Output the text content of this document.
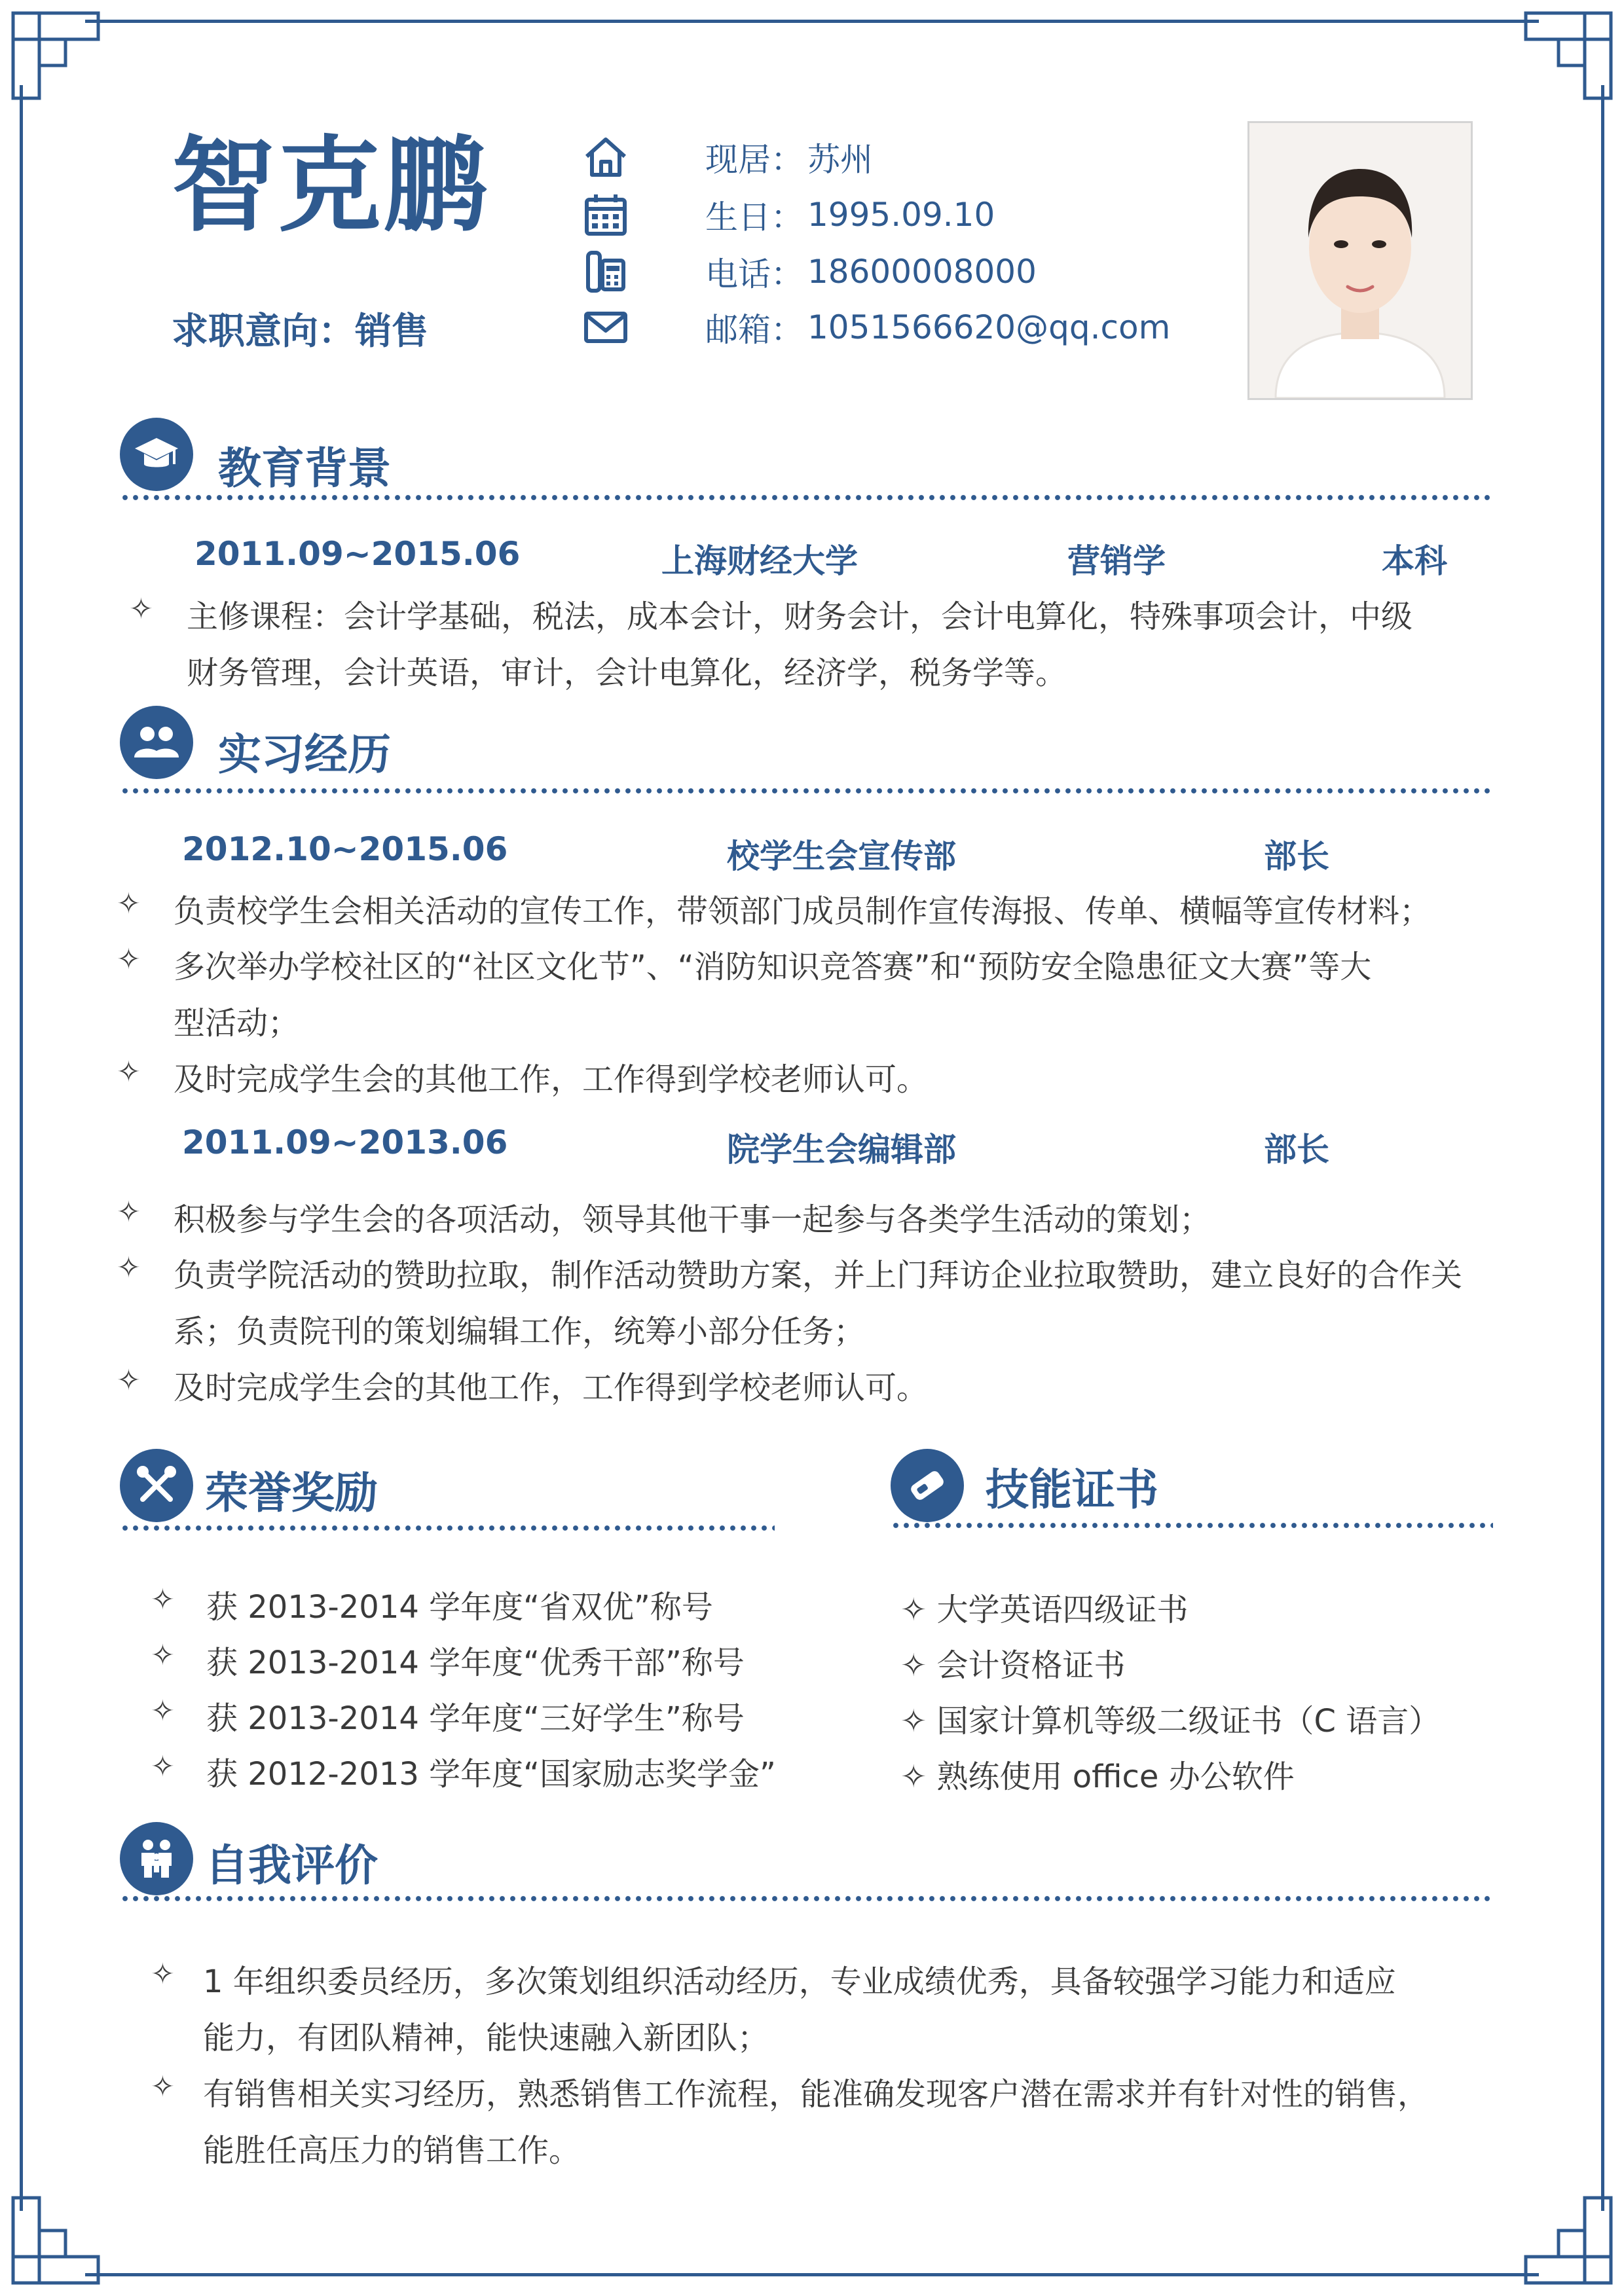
智克鹏
求职意向：销售
现居： 苏州
生日： 1995.09.10
电话： 18600008000
邮箱： 1051566620@qq.com
教育背景
2011.09~2015.06	上海财经大学	营销学	本科
✧ 主修课程：会计学基础，税法，成本会计，财务会计，会计电算化，特殊事项会计，中级
财务管理，会计英语，审计，会计电算化，经济学，税务学等。
实习经历
2012.10~2015.06	校学生会宣传部	部长
✧ 负责校学生会相关活动的宣传工作，带领部门成员制作宣传海报、传单、横幅等宣传材料；
✧ 多次举办学校社区的“社区文化节”、“消防知识竞答赛”和“预防安全隐患征文大赛”等大
型活动；
✧ 及时完成学生会的其他工作，工作得到学校老师认可。
2011.09~2013.06	院学生会编辑部	部长
✧ 积极参与学生会的各项活动，领导其他干事一起参与各类学生活动的策划；
✧ 负责学院活动的赞助拉取，制作活动赞助方案，并上门拜访企业拉取赞助，建立良好的合作关
系；负责院刊的策划编辑工作，统筹小部分任务；
✧ 及时完成学生会的其他工作，工作得到学校老师认可。
荣誉奖励
✧ 获 2013-2014 学年度“省双优”称号
✧ 获 2013-2014 学年度“优秀干部”称号
✧ 获 2013-2014 学年度“三好学生”称号
✧ 获 2012-2013 学年度“国家励志奖学金”
技能证书
✧ 大学英语四级证书
✧ 会计资格证书
✧ 国家计算机等级二级证书（C 语言）
✧ 熟练使用 office 办公软件
自我评价
✧ 1 年组织委员经历，多次策划组织活动经历，专业成绩优秀，具备较强学习能力和适应
能力，有团队精神，能快速融入新团队；
✧ 有销售相关实习经历，熟悉销售工作流程，能准确发现客户潜在需求并有针对性的销售，
能胜任高压力的销售工作。
